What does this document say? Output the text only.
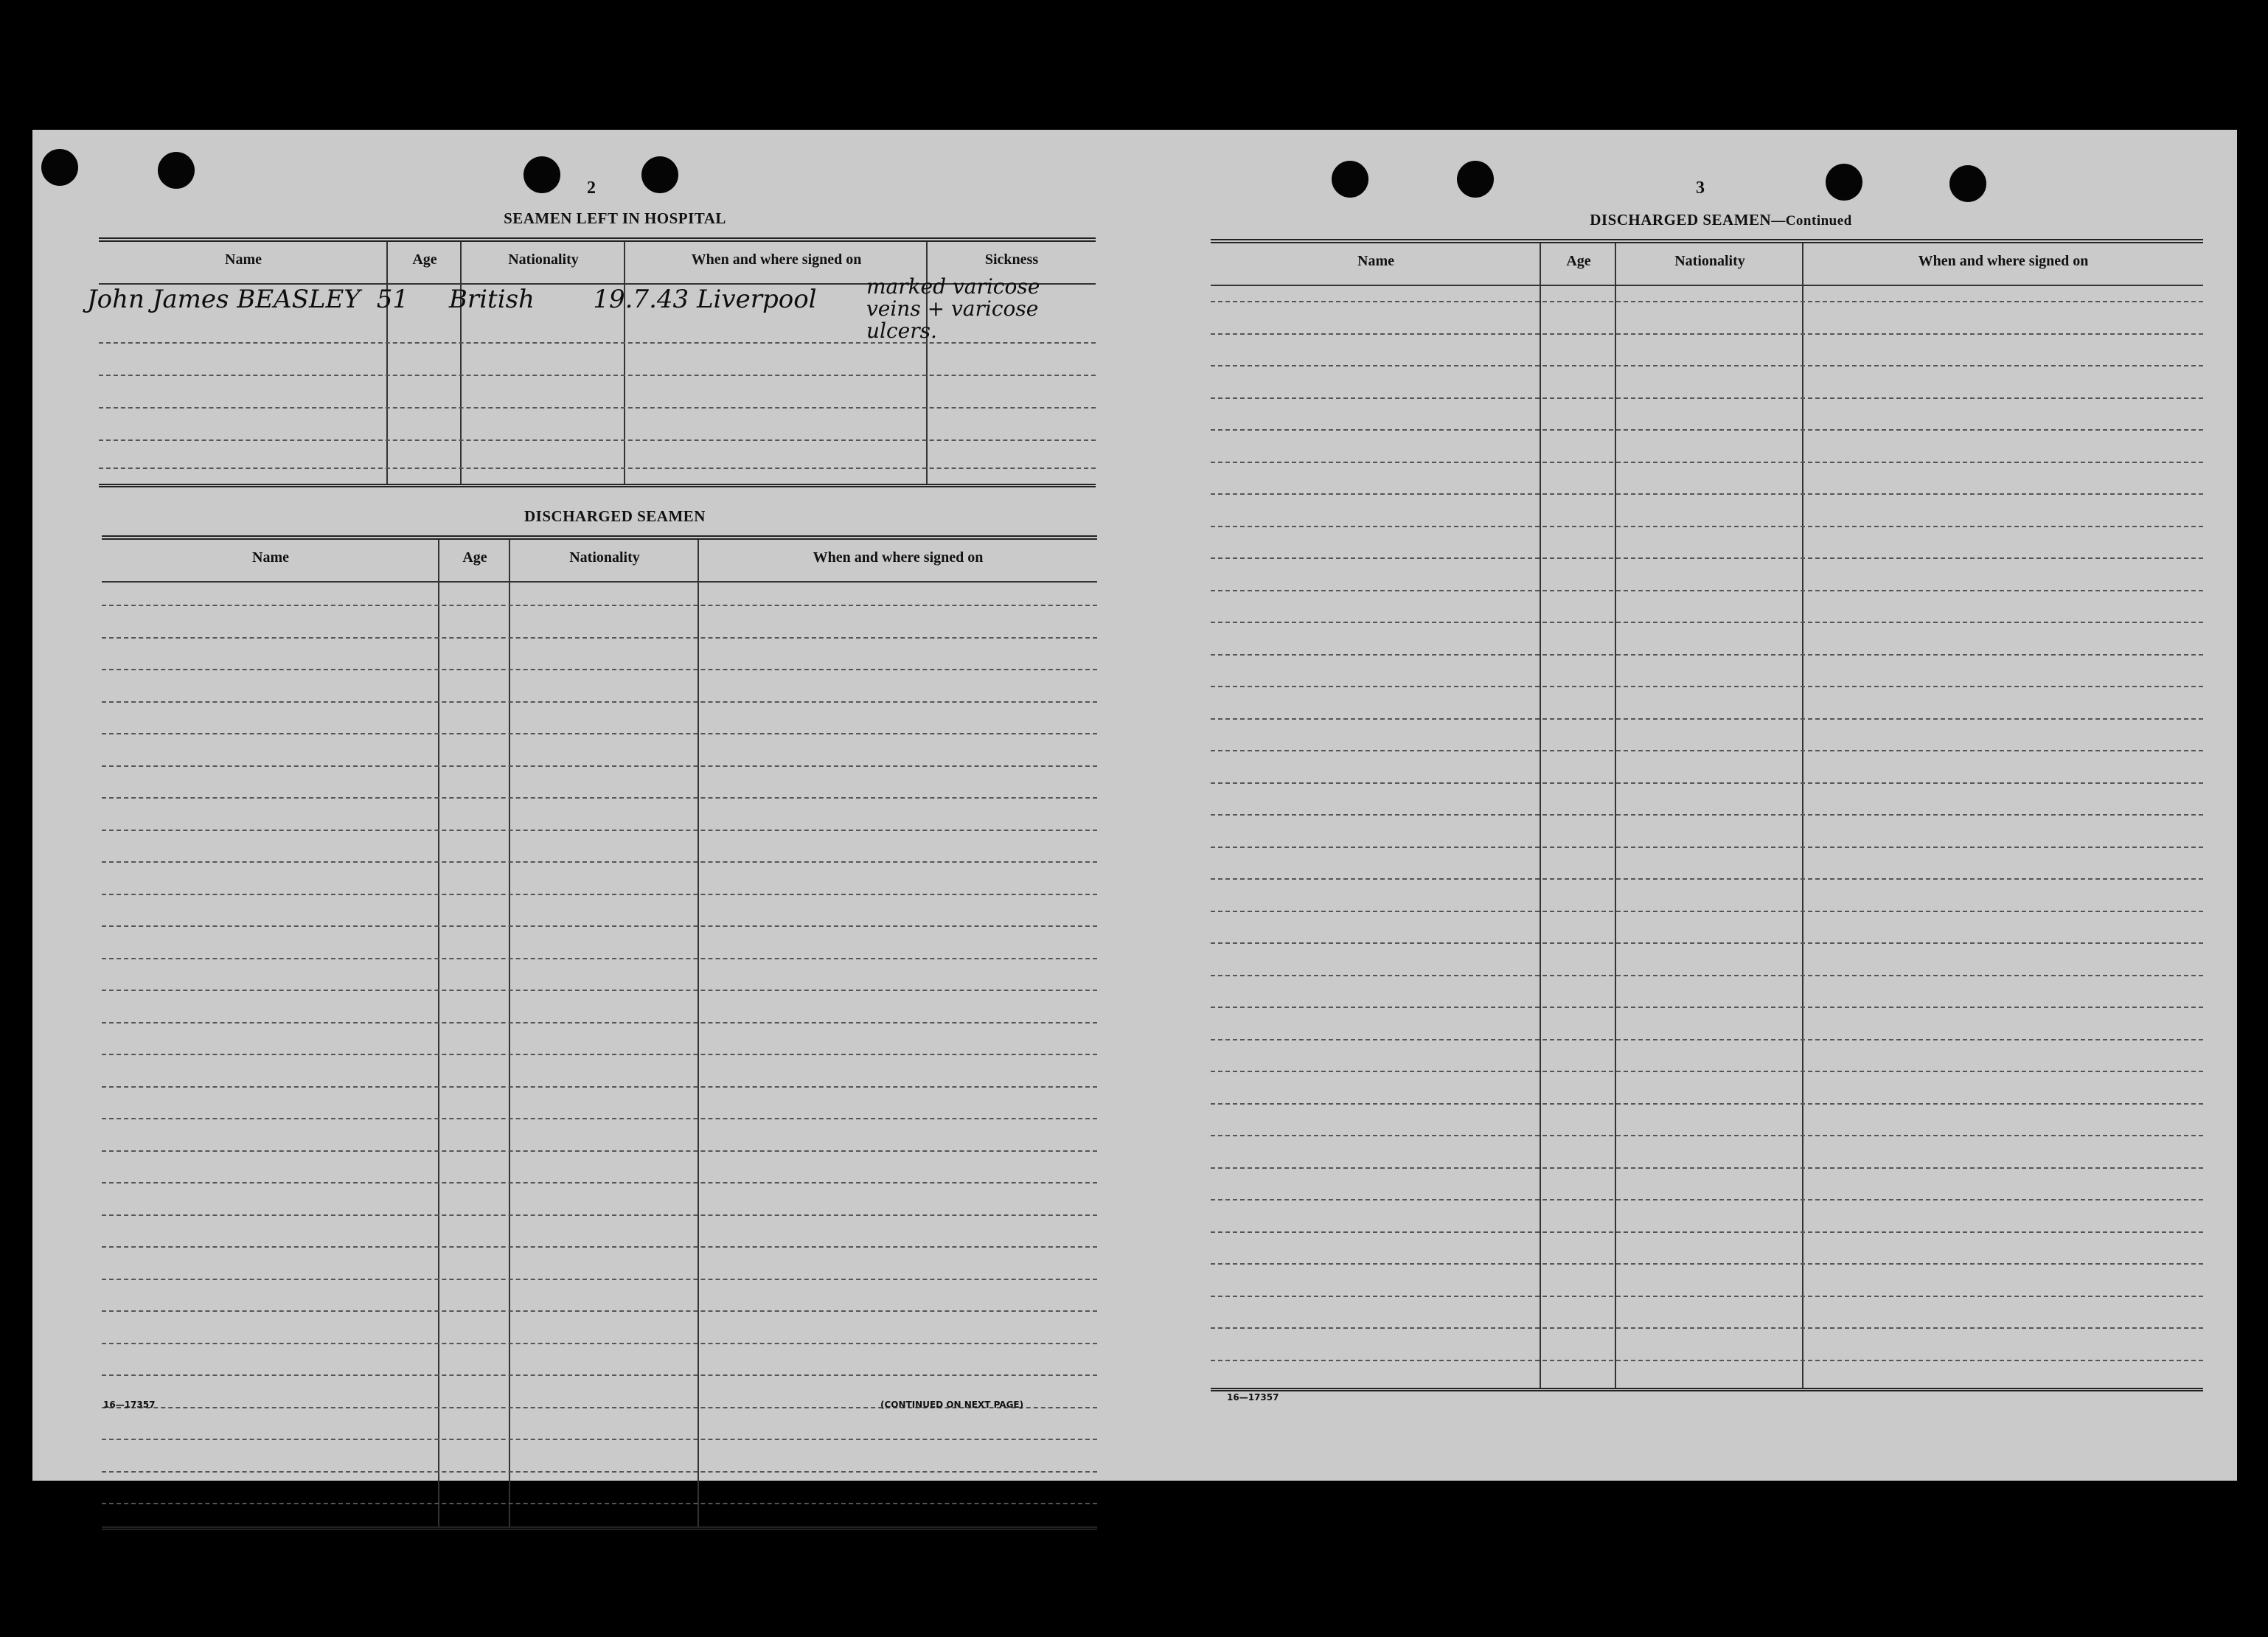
2
SEAMEN LEFT IN HOSPITAL
Name	Age	Nationality	When and where signed on	Sickness
John James BEASLEY 51	British	19.7.43 Liverpool	marked varicose veins + varicose ulcers.
DISCHARGED SEAMEN
Name	Age	Nationality	When and where signed on
16—17357	(CONTINUED ON NEXT PAGE)
3
DISCHARGED SEAMEN—Continued
Name	Age	Nationality	When and where signed on
16—17357
